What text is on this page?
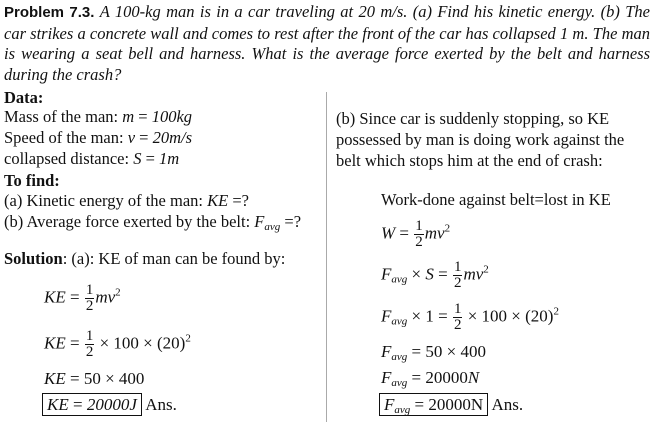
Problem 7.3. A 100-kg man is in a car traveling at 20 m/s. (a) Find his kinetic energy. (b) The car strikes a concrete wall and comes to rest after the front of the car has collapsed 1 m. The man is wearing a seat bell and harness. What is the average force exerted by the belt and harness during the crash?
Data:
Mass of the man: m = 100kg
Speed of the man: v = 20m/s
collapsed distance: S = 1m
To find:
(a) Kinetic energy of the man: KE =?
(b) Average force exerted by the belt: $F_{avg}$ =?
Solution: (a): KE of man can be found by:
KE = $\frac{1}{2} mv^2$
KE = $\frac{1}{2} \times 100 \times (20)^2$
KE = 50 × 400
KE = 20000J Ans.
(b) Since car is suddenly stopping, so KE
possessed by man is doing work against the
belt which stops him at the end of crash:
Work-done against belt=lost in KE
$W = \frac{1}{2} mv^2$
$F_{avg} \times S = \frac{1}{2} mv^2$
$F_{avg} \times 1 = \frac{1}{2} \times 100 \times (20)^2$
$F_{avg} = 50 \times 400$
$F_{avg} = 20000N$
$F_{avg} = 20000N$ Ans.
